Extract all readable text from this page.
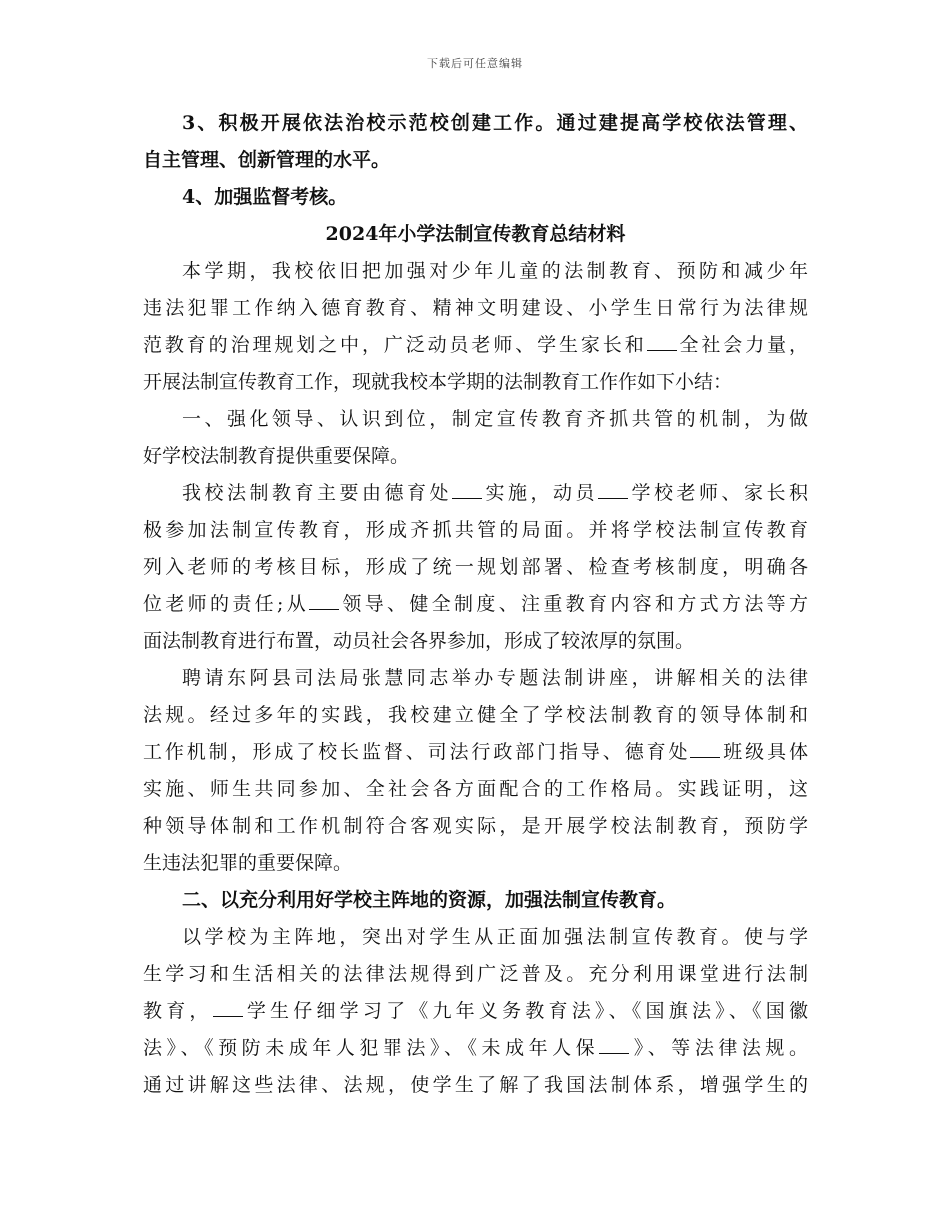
下载后可任意编辑
3、积极开展依法治校示范校创建工作。通过建提高学校依法管理、
自主管理、创新管理的水平。
4、加强监督考核。
2024年小学法制宣传教育总结材料
本学期，我校依旧把加强对少年儿童的法制教育、预防和减少年
违法犯罪工作纳入德育教育、精神文明建设、小学生日常行为法律规
范教育的治理规划之中，广泛动员老师、学生家长和 全社会力量，
开展法制宣传教育工作，现就我校本学期的法制教育工作作如下小结：
一、强化领导、认识到位，制定宣传教育齐抓共管的机制，为做
好学校法制教育提供重要保障。
我校法制教育主要由德育处 实施，动员 学校老师、家长积
极参加法制宣传教育，形成齐抓共管的局面。并将学校法制宣传教育
列入老师的考核目标，形成了统一规划部署、检查考核制度，明确各
位老师的责任;从 领导、健全制度、注重教育内容和方式方法等方
面法制教育进行布置，动员社会各界参加，形成了较浓厚的氛围。
聘请东阿县司法局张慧同志举办专题法制讲座，讲解相关的法律
法规。经过多年的实践，我校建立健全了学校法制教育的领导体制和
工作机制，形成了校长监督、司法行政部门指导、德育处 班级具体
实施、师生共同参加、全社会各方面配合的工作格局。实践证明，这
种领导体制和工作机制符合客观实际，是开展学校法制教育，预防学
生违法犯罪的重要保障。
二、以充分利用好学校主阵地的资源，加强法制宣传教育。
以学校为主阵地，突出对学生从正面加强法制宣传教育。使与学
生学习和生活相关的法律法规得到广泛普及。充分利用课堂进行法制
教育， 学生仔细学习了《九年义务教育法》、《国旗法》、《国徽
法》、《预防未成年人犯罪法》、《未成年人保 》、等法律法规。
通过讲解这些法律、法规，使学生了解了我国法制体系，增强学生的
